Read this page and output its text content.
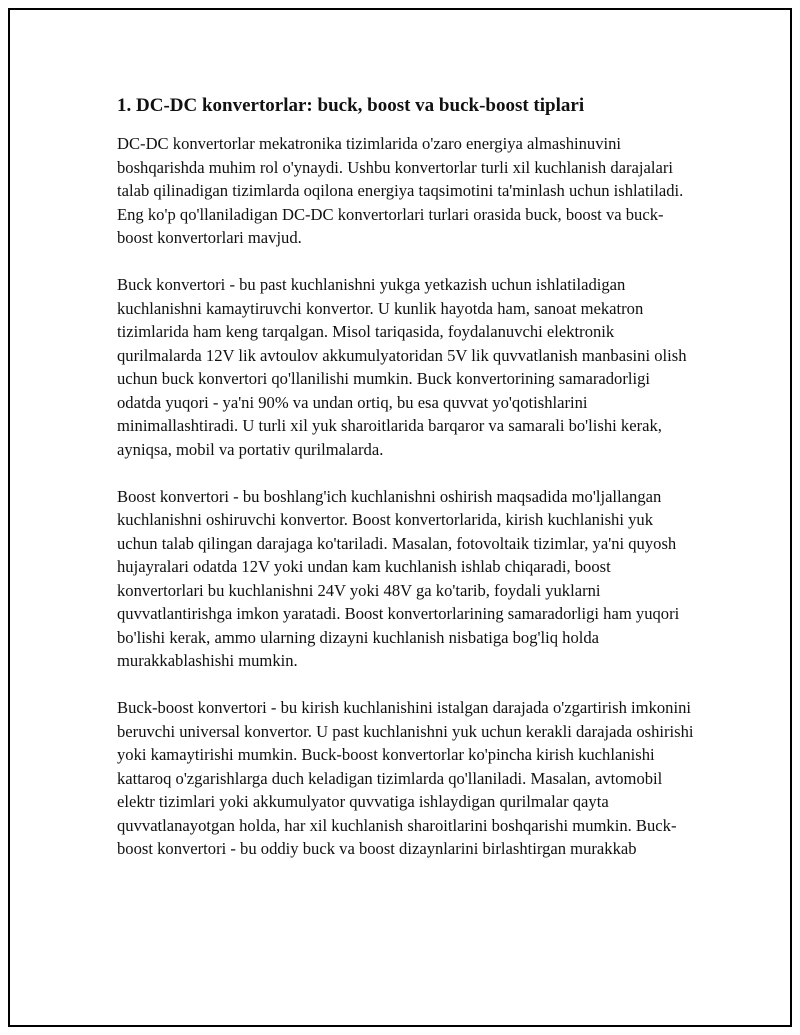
1. DC-DC konvertorlar: buck, boost va buck-boost tiplari

DC-DC konvertorlar mekatronika tizimlarida o'zaro energiya almashinuvini boshqarishda muhim rol o'ynaydi. Ushbu konvertorlar turli xil kuchlanish darajalari talab qilinadigan tizimlarda oqilona energiya taqsimotini ta'minlash uchun ishlatiladi. Eng ko'p qo'llaniladigan DC-DC konvertorlari turlari orasida buck, boost va buck-boost konvertorlari mavjud.

Buck konvertori - bu past kuchlanishni yukga yetkazish uchun ishlatiladigan kuchlanishni kamaytiruvchi konvertor. U kunlik hayotda ham, sanoat mekatron tizimlarida ham keng tarqalgan. Misol tariqasida, foydalanuvchi elektronik qurilmalarda 12V lik avtoulov akkumulyatoridan 5V lik quvvatlanish manbasini olish uchun buck konvertori qo'llanilishi mumkin. Buck konvertorining samaradorligi odatda yuqori - ya'ni 90% va undan ortiq, bu esa quvvat yo'qotishlarini minimallashtiradi. U turli xil yuk sharoitlarida barqaror va samarali bo'lishi kerak, ayniqsa, mobil va portativ qurilmalarda.

Boost konvertori - bu boshlang'ich kuchlanishni oshirish maqsadida mo'ljallangan kuchlanishni oshiruvchi konvertor. Boost konvertorlarida, kirish kuchlanishi yuk uchun talab qilingan darajaga ko'tariladi. Masalan, fotovoltaik tizimlar, ya'ni quyosh hujayralari odatda 12V yoki undan kam kuchlanish ishlab chiqaradi, boost konvertorlari bu kuchlanishni 24V yoki 48V ga ko'tarib, foydali yuklarni quvvatlantirishga imkon yaratadi. Boost konvertorlarining samaradorligi ham yuqori bo'lishi kerak, ammo ularning dizayni kuchlanish nisbatiga bog'liq holda murakkablashishi mumkin.

Buck-boost konvertori - bu kirish kuchlanishini istalgan darajada o'zgartirish imkonini beruvchi universal konvertor. U past kuchlanishni yuk uchun kerakli darajada oshirishi yoki kamaytirishi mumkin. Buck-boost konvertorlar ko'pincha kirish kuchlanishi kattaroq o'zgarishlarga duch keladigan tizimlarda qo'llaniladi. Masalan, avtomobil elektr tizimlari yoki akkumulyator quvvatiga ishlaydigan qurilmalar qayta quvvatlanayotgan holda, har xil kuchlanish sharoitlarini boshqarishi mumkin. Buck-boost konvertori - bu oddiy buck va boost dizaynlarini birlashtirgan murakkab
